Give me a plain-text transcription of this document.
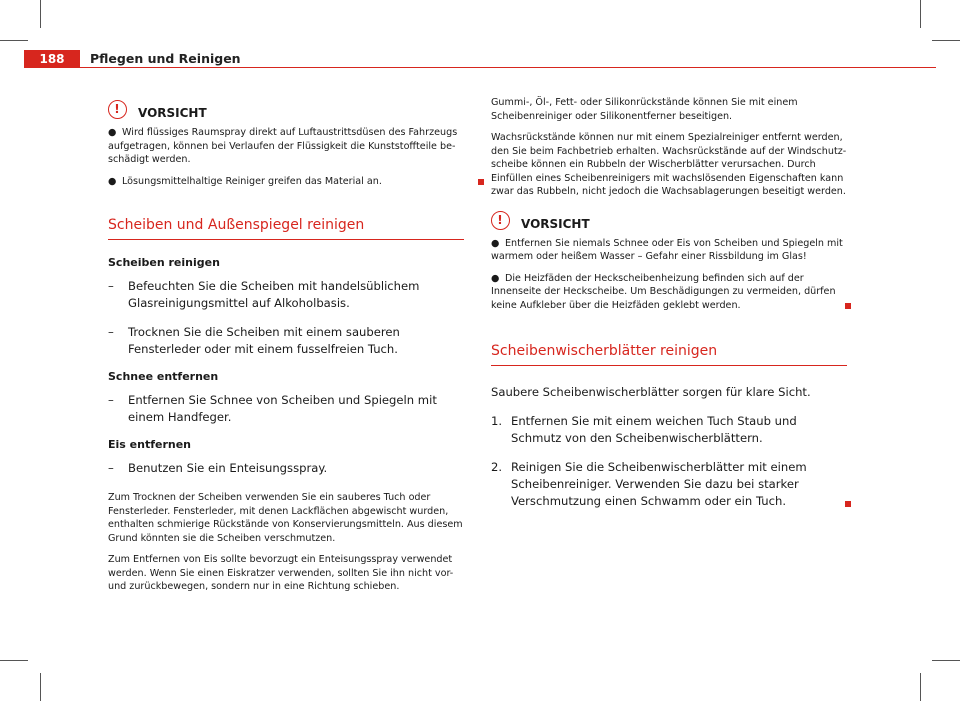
188	Pflegen und Reinigen
!	VORSICHT

● Wird flüssiges Raumspray direkt auf Luftaustrittsdüsen des Fahrzeugs aufgetragen, können bei Verlaufen der Flüssigkeit die Kunststoffteile beschädigt werden.

● Lösungsmittelhaltige Reiniger greifen das Material an.

Scheiben und Außenspiegel reinigen
Scheiben reinigen

– Befeuchten Sie die Scheiben mit handelsüblichem Glasreinigungsmittel auf Alkoholbasis.

– Trocknen Sie die Scheiben mit einem sauberen Fensterleder oder mit einem fusselfreien Tuch.

Schnee entfernen

– Entfernen Sie Schnee von Scheiben und Spiegeln mit einem Handfeger.

Eis entfernen

– Benutzen Sie ein Enteisungsspray.

Zum Trocknen der Scheiben verwenden Sie ein sauberes Tuch oder Fensterleder. Fensterleder, mit denen Lackflächen abgewischt wurden, enthalten schmierige Rückstände von Konservierungsmitteln. Aus diesem Grund könnten sie die Scheiben verschmutzen.

Zum Entfernen von Eis sollte bevorzugt ein Enteisungsspray verwendet werden. Wenn Sie einen Eiskratzer verwenden, sollten Sie ihn nicht vor- und zurückbewegen, sondern nur in eine Richtung schieben.

Gummi-, Öl-, Fett- oder Silikonrückstände können Sie mit einem Scheibenreiniger oder Silikonentferner beseitigen.

Wachsrückstände können nur mit einem Spezialreiniger entfernt werden, den Sie beim Fachbetrieb erhalten. Wachsrückstände auf der Windschutzscheibe können ein Rubbeln der Wischerblätter verursachen. Durch Einfüllen eines Scheibenreinigers mit wachslösenden Eigenschaften kann zwar das Rubbeln, nicht jedoch die Wachsablagerungen beseitigt werden.

!	VORSICHT

● Entfernen Sie niemals Schnee oder Eis von Scheiben und Spiegeln mit warmem oder heißem Wasser – Gefahr einer Rissbildung im Glas!

● Die Heizfäden der Heckscheibenheizung befinden sich auf der Innenseite der Heckscheibe. Um Beschädigungen zu vermeiden, dürfen keine Aufkleber über die Heizfäden geklebt werden.

Scheibenwischerblätter reinigen

Saubere Scheibenwischerblätter sorgen für klare Sicht.

1. Entfernen Sie mit einem weichen Tuch Staub und Schmutz von den Scheibenwischerblättern.

2. Reinigen Sie die Scheibenwischerblätter mit einem Scheibenreiniger. Verwenden Sie dazu bei starker Verschmutzung einen Schwamm oder ein Tuch.
